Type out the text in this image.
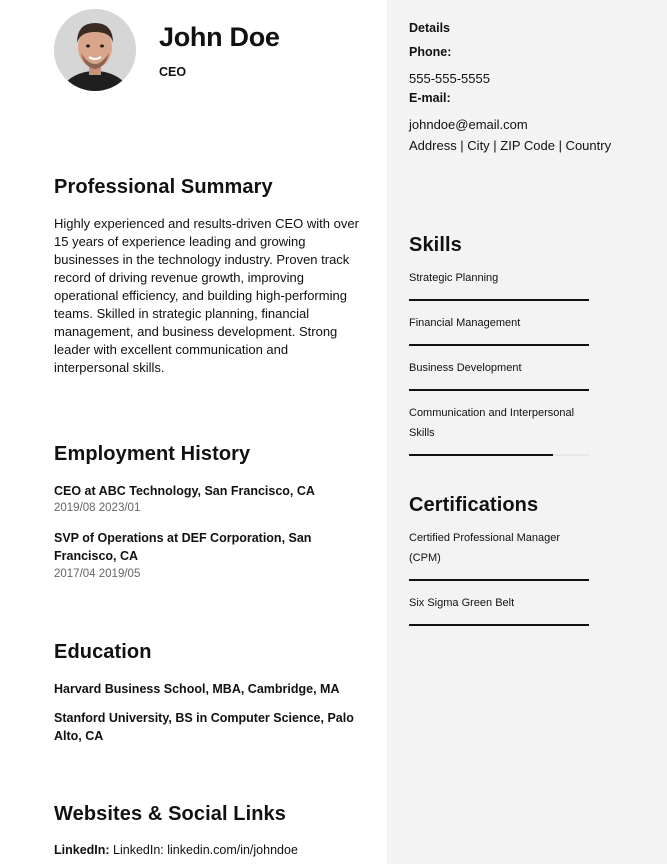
John Doe
CEO
Details
Phone:
555-555-5555
E-mail:
johndoe@email.com
Address | City | ZIP Code | Country
Professional Summary
Highly experienced and results-driven CEO with over
15 years of experience leading and growing
businesses in the technology industry. Proven track
record of driving revenue growth, improving
operational efficiency, and building high-performing
teams. Skilled in strategic planning, financial
management, and business development. Strong
leader with excellent communication and
interpersonal skills.
Employment History
CEO at ABC Technology, San Francisco, CA
2019/08 2023/01
SVP of Operations at DEF Corporation, San
Francisco, CA
2017/04 2019/05
Education
Harvard Business School, MBA, Cambridge, MA
Stanford University, BS in Computer Science, Palo
Alto, CA
Websites & Social Links
LinkedIn: LinkedIn: linkedin.com/in/johndoe
Skills
Strategic Planning
Financial Management
Business Development
Communication and Interpersonal
Skills
Certifications
Certified Professional Manager
(CPM)
Six Sigma Green Belt
